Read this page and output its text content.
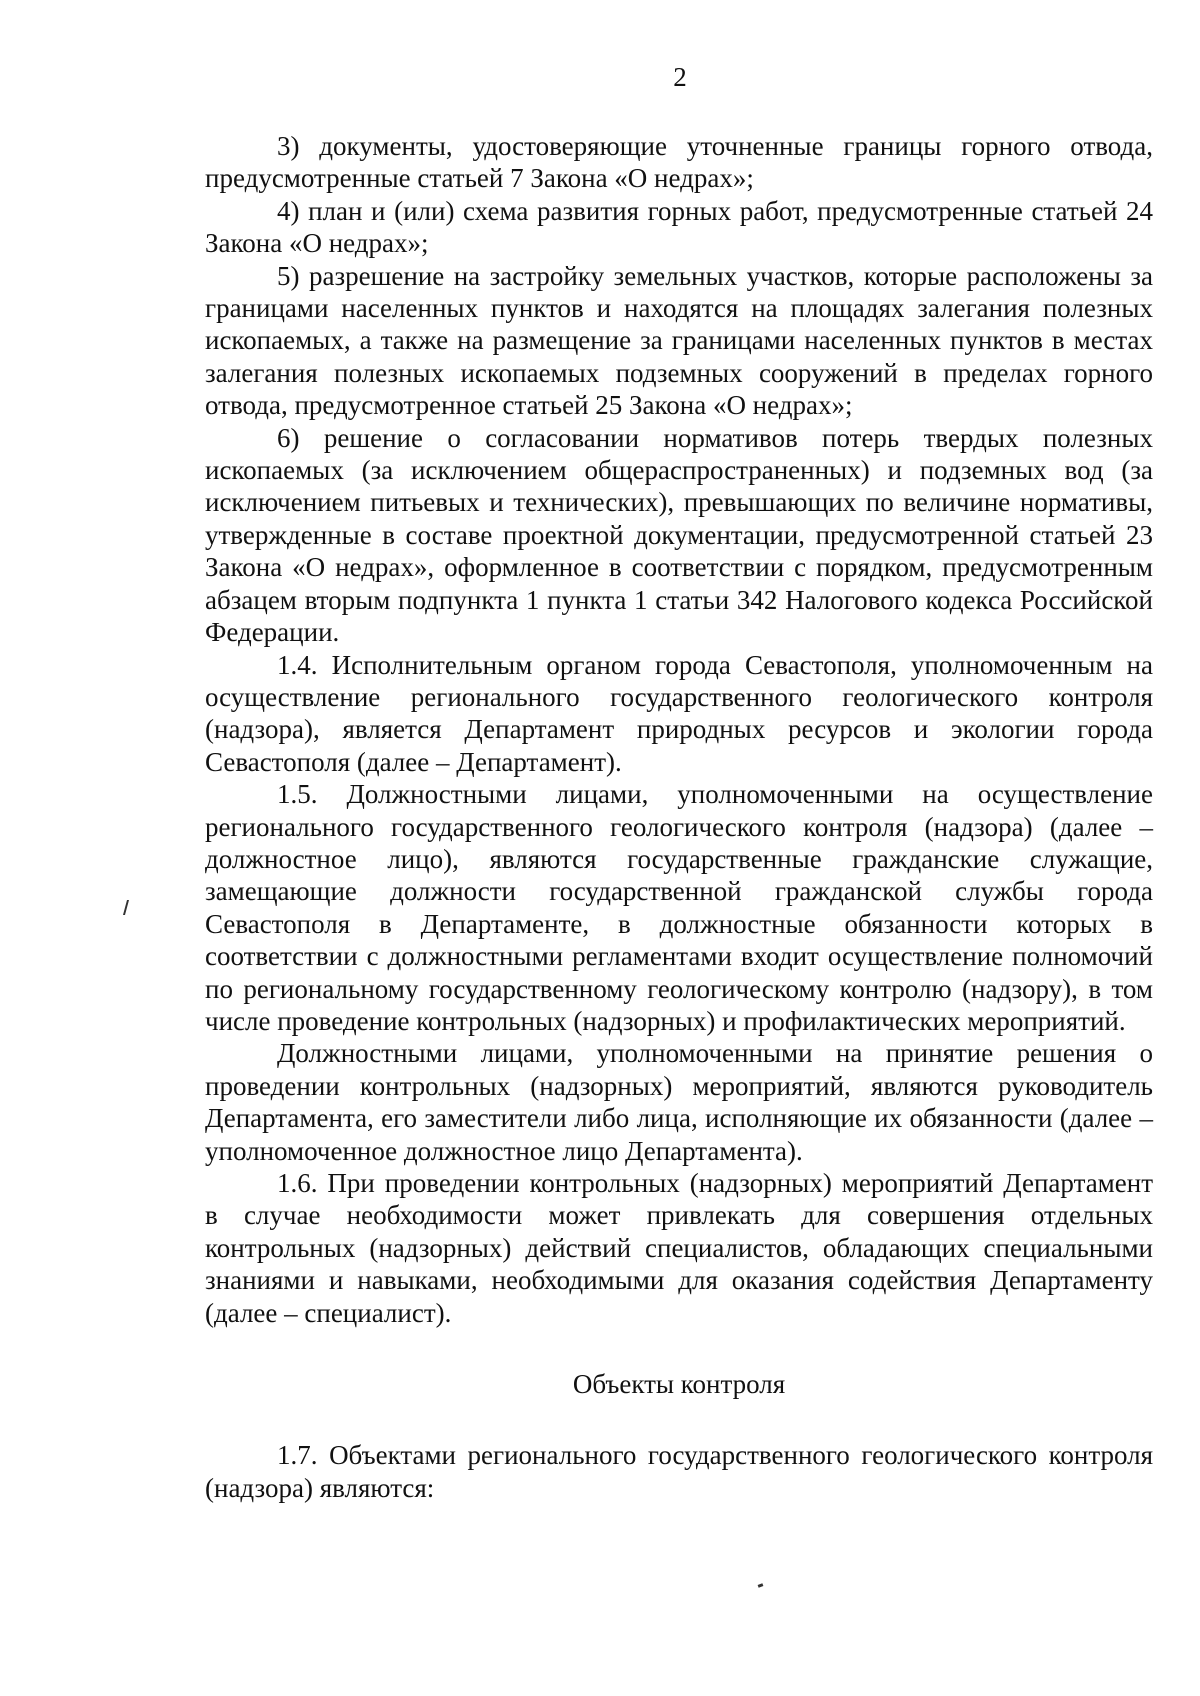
2

3) документы, удостоверяющие уточненные границы горного отвода, предусмотренные статьей 7 Закона «О недрах»;

4) план и (или) схема развития горных работ, предусмотренные статьей 24 Закона «О недрах»;

5) разрешение на застройку земельных участков, которые расположены за границами населенных пунктов и находятся на площадях залегания полезных ископаемых, а также на размещение за границами населенных пунктов в местах залегания полезных ископаемых подземных сооружений в пределах горного отвода, предусмотренное статьей 25 Закона «О недрах»;

6) решение о согласовании нормативов потерь твердых полезных ископаемых (за исключением общераспространенных) и подземных вод (за исключением питьевых и технических), превышающих по величине нормативы, утвержденные в составе проектной документации, предусмотренной статьей 23 Закона «О недрах», оформленное в соответствии с порядком, предусмотренным абзацем вторым подпункта 1 пункта 1 статьи 342 Налогового кодекса Российской Федерации.

1.4. Исполнительным органом города Севастополя, уполномоченным на осуществление регионального государственного геологического контроля (надзора), является Департамент природных ресурсов и экологии города Севастополя (далее – Департамент).

1.5. Должностными лицами, уполномоченными на осуществление регионального государственного геологического контроля (надзора) (далее – должностное лицо), являются государственные гражданские служащие, замещающие должности государственной гражданской службы города Севастополя в Департаменте, в должностные обязанности которых в соответствии с должностными регламентами входит осуществление полномочий по региональному государственному геологическому контролю (надзору), в том числе проведение контрольных (надзорных) и профилактических мероприятий.

Должностными лицами, уполномоченными на принятие решения о проведении контрольных (надзорных) мероприятий, являются руководитель Департамента, его заместители либо лица, исполняющие их обязанности (далее – уполномоченное должностное лицо Департамента).

1.6. При проведении контрольных (надзорных) мероприятий Департамент в случае необходимости может привлекать для совершения отдельных контрольных (надзорных) действий специалистов, обладающих специальными знаниями и навыками, необходимыми для оказания содействия Департаменту (далее – специалист).

Объекты контроля

1.7. Объектами регионального государственного геологического контроля (надзора) являются:
